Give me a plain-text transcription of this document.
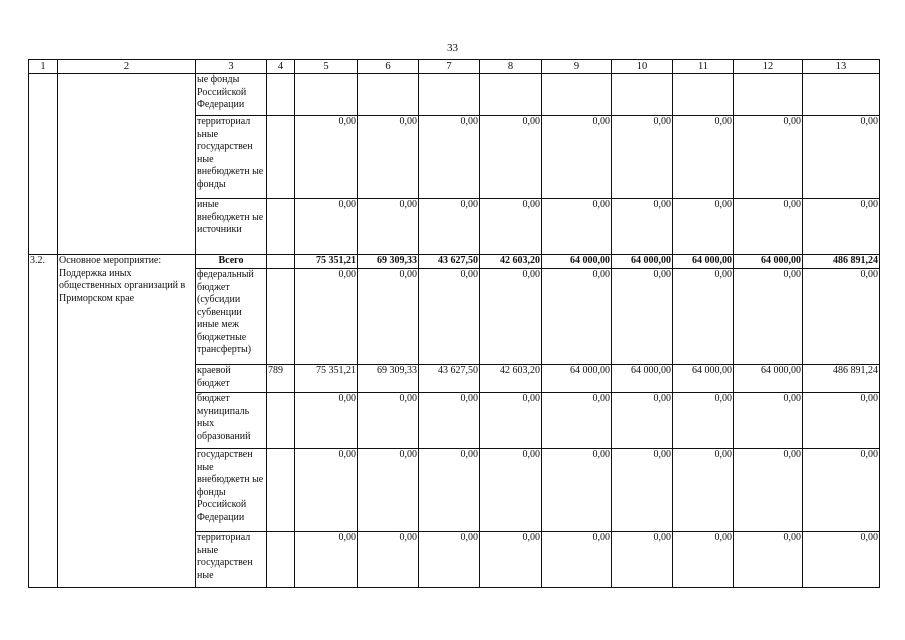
33
1	2	3	4	5	6	7	8	9	10	11	12	13
		ые фонды Российской Федерации										
		территориал ьные государствен ные внебюджетн ые фонды		0,00	0,00	0,00	0,00	0,00	0,00	0,00	0,00	0,00
		иные внебюджетн ые источники		0,00	0,00	0,00	0,00	0,00	0,00	0,00	0,00	0,00
3.2.	Основное мероприятие: Поддержка иных общественных организаций в Приморском крае	Всего		75 351,21	69 309,33	43 627,50	42 603,20	64 000,00	64 000,00	64 000,00	64 000,00	486 891,24
		федеральный бюджет (субсидии субвенции иные меж бюджетные трансферты)		0,00	0,00	0,00	0,00	0,00	0,00	0,00	0,00	0,00
		краевой бюджет	789	75 351,21	69 309,33	43 627,50	42 603,20	64 000,00	64 000,00	64 000,00	64 000,00	486 891,24
		бюджет муниципаль ных образований		0,00	0,00	0,00	0,00	0,00	0,00	0,00	0,00	0,00
		государствен ные внебюджетн ые фонды Российской Федерации		0,00	0,00	0,00	0,00	0,00	0,00	0,00	0,00	0,00
		территориал ьные государствен ные		0,00	0,00	0,00	0,00	0,00	0,00	0,00	0,00	0,00
